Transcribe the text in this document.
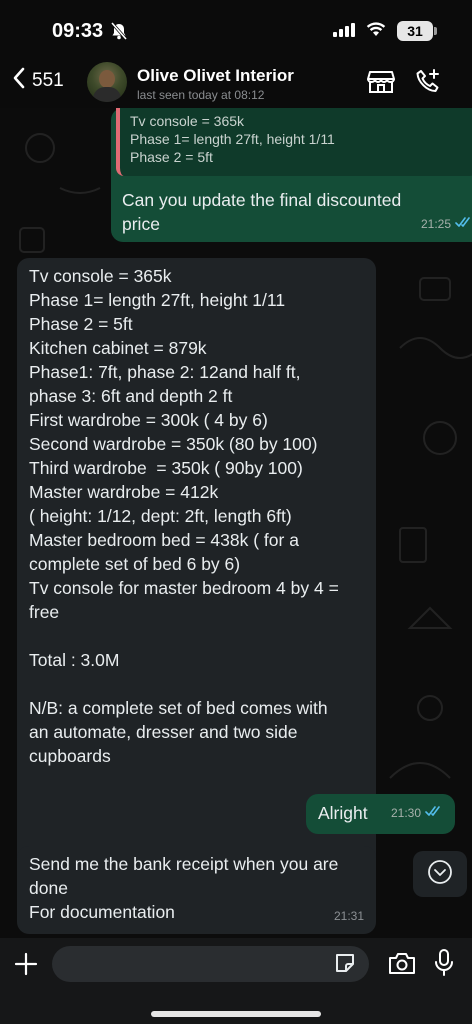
09:33	31
551	Olive Olivet Interior
last seen today at 08:12
Tv console = 365k
Phase 1= length 27ft, height 1/11
Phase 2 = 5ft
Can you update the final discounted
price	21:25
Tv console = 365k
Phase 1= length 27ft, height 1/11
Phase 2 = 5ft
Kitchen cabinet = 879k
Phase1: 7ft, phase 2: 12and half ft,
phase 3: 6ft and depth 2 ft
First wardrobe = 300k ( 4 by 6)
Second wardrobe = 350k (80 by 100)
Third wardrobe  = 350k ( 90by 100)
Master wardrobe = 412k
( height: 1/12, dept: 2ft, length 6ft)
Master bedroom bed = 438k ( for a
complete set of bed 6 by 6)
Tv console for master bedroom 4 by 4 =
free

Total : 3.0M

N/B: a complete set of bed comes with
an automate, dresser and two side
cupboards
Alright 21:30
Send me the bank receipt when you are
done
For documentation	21:31
